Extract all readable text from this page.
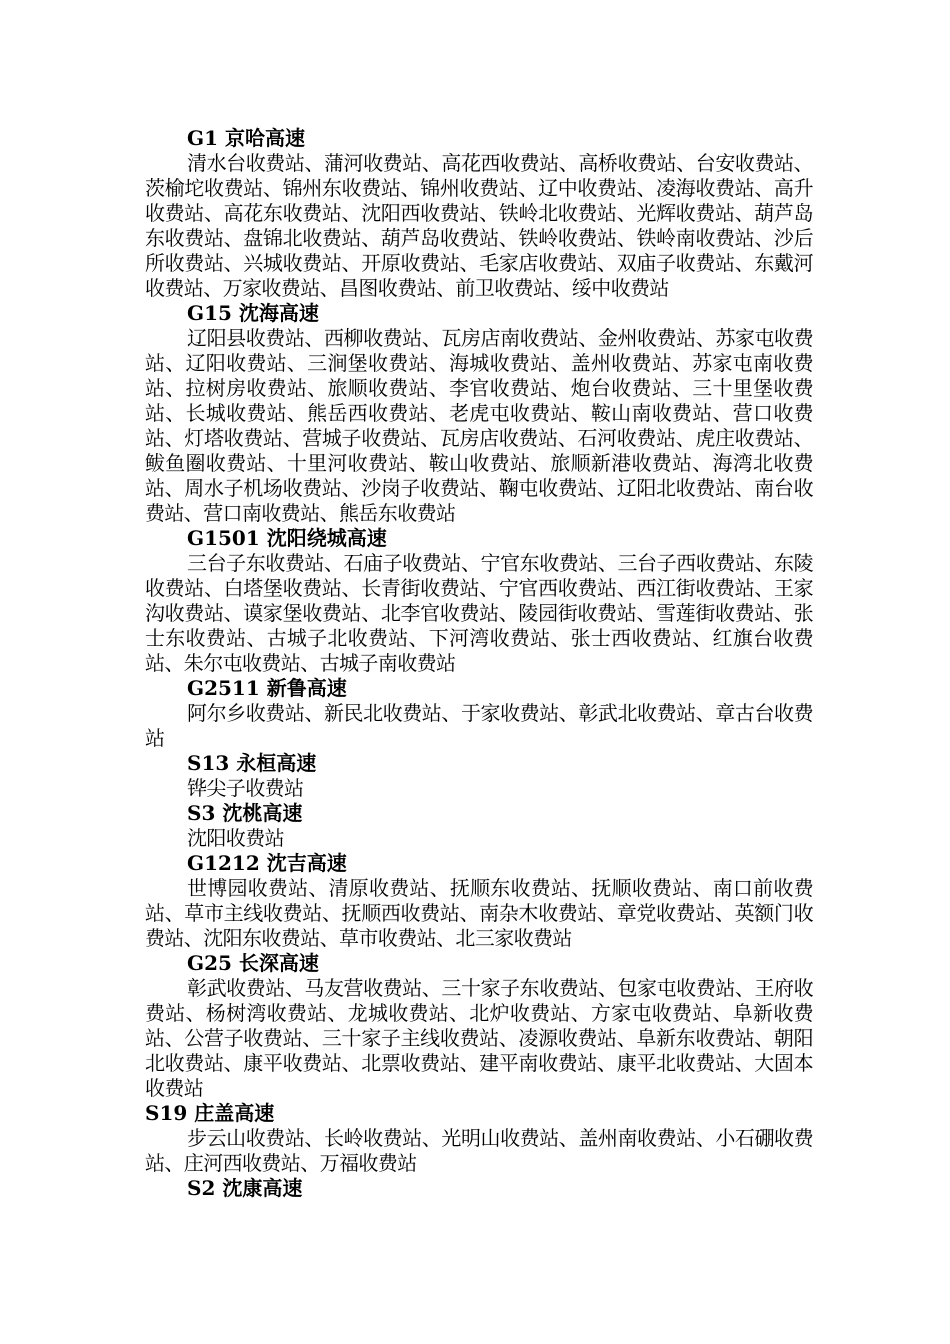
G1 京哈高速

清水台收费站、蒲河收费站、高花西收费站、高桥收费站、台安收费站、茨榆坨收费站、锦州东收费站、锦州收费站、辽中收费站、凌海收费站、高升收费站、高花东收费站、沈阳西收费站、铁岭北收费站、光辉收费站、葫芦岛东收费站、盘锦北收费站、葫芦岛收费站、铁岭收费站、铁岭南收费站、沙后所收费站、兴城收费站、开原收费站、毛家店收费站、双庙子收费站、东戴河收费站、万家收费站、昌图收费站、前卫收费站、绥中收费站

G15 沈海高速

辽阳县收费站、西柳收费站、瓦房店南收费站、金州收费站、苏家屯收费站、辽阳收费站、三涧堡收费站、海城收费站、盖州收费站、苏家屯南收费站、拉树房收费站、旅顺收费站、李官收费站、炮台收费站、三十里堡收费站、长城收费站、熊岳西收费站、老虎屯收费站、鞍山南收费站、营口收费站、灯塔收费站、营城子收费站、瓦房店收费站、石河收费站、虎庄收费站、鲅鱼圈收费站、十里河收费站、鞍山收费站、旅顺新港收费站、海湾北收费站、周水子机场收费站、沙岗子收费站、鞠屯收费站、辽阳北收费站、南台收费站、营口南收费站、熊岳东收费站

G1501 沈阳绕城高速

三台子东收费站、石庙子收费站、宁官东收费站、三台子西收费站、东陵收费站、白塔堡收费站、长青街收费站、宁官西收费站、西江街收费站、王家沟收费站、谟家堡收费站、北李官收费站、陵园街收费站、雪莲街收费站、张士东收费站、古城子北收费站、下河湾收费站、张士西收费站、红旗台收费站、朱尔屯收费站、古城子南收费站

G2511 新鲁高速

阿尔乡收费站、新民北收费站、于家收费站、彰武北收费站、章古台收费站

S13 永桓高速

铧尖子收费站

S3 沈桃高速

沈阳收费站

G1212 沈吉高速

世博园收费站、清原收费站、抚顺东收费站、抚顺收费站、南口前收费站、草市主线收费站、抚顺西收费站、南杂木收费站、章党收费站、英额门收费站、沈阳东收费站、草市收费站、北三家收费站

G25 长深高速

彰武收费站、马友营收费站、三十家子东收费站、包家屯收费站、王府收费站、杨树湾收费站、龙城收费站、北炉收费站、方家屯收费站、阜新收费站、公营子收费站、三十家子主线收费站、凌源收费站、阜新东收费站、朝阳北收费站、康平收费站、北票收费站、建平南收费站、康平北收费站、大固本收费站

S19 庄盖高速

步云山收费站、长岭收费站、光明山收费站、盖州南收费站、小石硼收费站、庄河西收费站、万福收费站

S2 沈康高速
